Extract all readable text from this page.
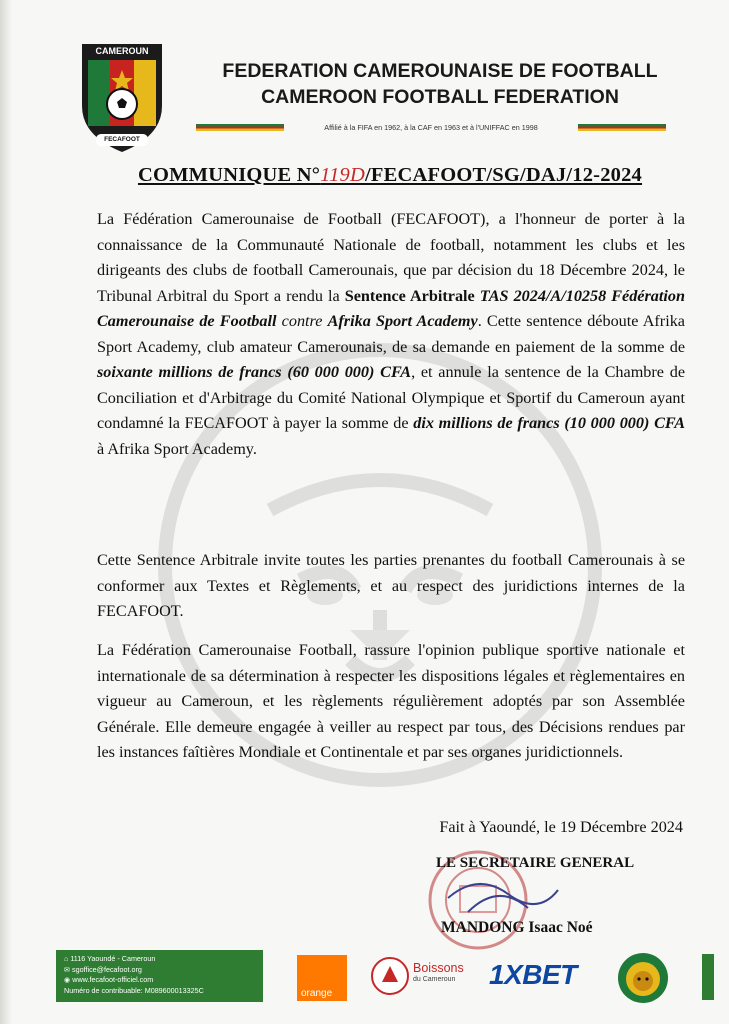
CAMEROUN
FECAFOOT
FEDERATION CAMEROUNAISE DE FOOTBALL
CAMEROON FOOTBALL FEDERATION
Affilié à la FIFA en 1962, à la CAF en 1963 et à l'UNIFFAC en 1998
COMMUNIQUE N°119D/FECAFOOT/SG/DAJ/12-2024
La Fédération Camerounaise de Football (FECAFOOT), a l'honneur de porter à la connaissance de la Communauté Nationale de football, notamment les clubs et les dirigeants des clubs de football Camerounais, que par décision du 18 Décembre 2024, le Tribunal Arbitral du Sport a rendu la Sentence Arbitrale TAS 2024/A/10258 Fédération Camerounaise de Football contre Afrika Sport Academy. Cette sentence déboute Afrika Sport Academy, club amateur Camerounais, de sa demande en paiement de la somme de soixante millions de francs (60 000 000) CFA, et annule la sentence de la Chambre de Conciliation et d'Arbitrage du Comité National Olympique et Sportif du Cameroun ayant condamné la FECAFOOT à payer la somme de dix millions de francs (10 000 000) CFA à Afrika Sport Academy.
Cette Sentence Arbitrale invite toutes les parties prenantes du football Camerounais à se conformer aux Textes et Règlements, et au respect des juridictions internes de la FECAFOOT.
La Fédération Camerounaise Football, rassure l'opinion publique sportive nationale et internationale de sa détermination à respecter les dispositions légales et règlementaires en vigueur au Cameroun, et les règlements régulièrement adoptés par son Assemblée Générale. Elle demeure engagée à veiller au respect par tous, des Décisions rendues par les instances faîtières Mondiale et Continentale et par ses organes juridictionnels.
Fait à Yaoundé, le 19 Décembre 2024
LE SECRETAIRE GENERAL
MANDONG Isaac Noé
⌂ 1116 Yaoundé - Cameroun
✉ sgoffice@fecafoot.org
◉ www.fecafoot-officiel.com
Numéro de contribuable: M089600013325C	orange
Boissons
du Cameroun 1XBET
